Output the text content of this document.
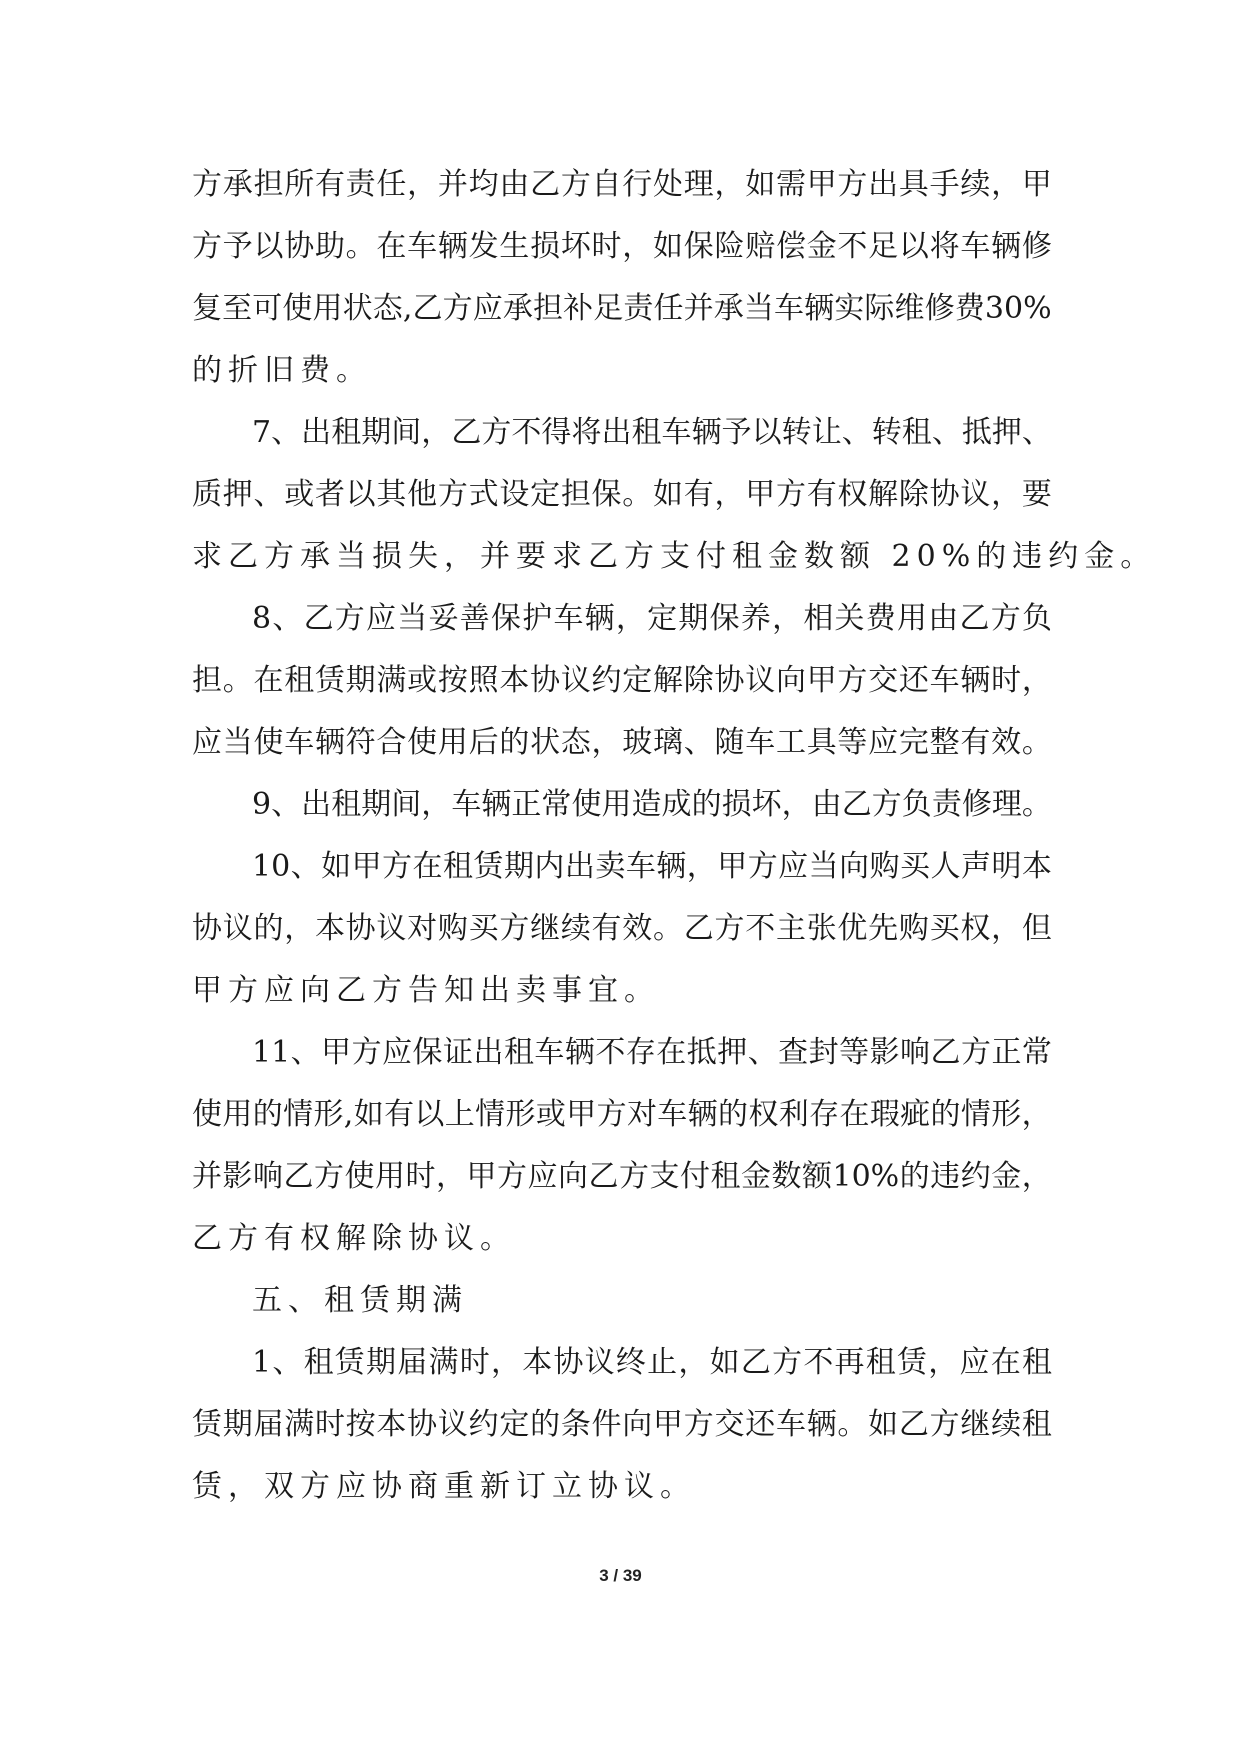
方 承 担 所 有 责 任 ， 并 均 由 乙 方 自 行 处 理 ， 如 需 甲 方 出 具 手 续 ， 甲
方 予 以 协 助 。 在 车 辆 发 生 损 坏 时 ， 如 保 险 赔 偿 金 不 足 以 将 车 辆 修
复 至 可 使 用 状 态 , 乙 方 应 承 担 补 足 责 任 并 承 当 车 辆 实 际 维 修 费 30%
的折旧费。
7 、 出 租 期 间 ， 乙 方 不 得 将 出 租 车 辆 予 以 转 让 、 转 租 、 抵 押 、
质 押 、 或 者 以 其 他 方 式 设 定 担 保 。 如 有 ， 甲 方 有 权 解 除 协 议 ， 要
求乙方承当损失，并要求乙方支付租金数额 20%的违约金。
8 、 乙 方 应 当 妥 善 保 护 车 辆 ， 定 期 保 养 ， 相 关 费 用 由 乙 方 负
担 。 在 租 赁 期 满 或 按 照 本 协 议 约 定 解 除 协 议 向 甲 方 交 还 车 辆 时 ，
应 当 使 车 辆 符 合 使 用 后 的 状 态 ， 玻 璃 、 随 车 工 具 等 应 完 整 有 效 。
9 、 出 租 期 间 ， 车 辆 正 常 使 用 造 成 的 损 坏 ， 由 乙 方 负 责 修 理 。
10 、 如 甲 方 在 租 赁 期 内 出 卖 车 辆 ， 甲 方 应 当 向 购 买 人 声 明 本
协 议 的 ， 本 协 议 对 购 买 方 继 续 有 效 。 乙 方 不 主 张 优 先 购 买 权 ， 但
甲方应向乙方告知出卖事宜。
11 、 甲 方 应 保 证 出 租 车 辆 不 存 在 抵 押 、 查 封 等 影 响 乙 方 正 常
使 用 的 情 形 , 如 有 以 上 情 形 或 甲 方 对 车 辆 的 权 利 存 在 瑕 疵 的 情 形 ，
并 影 响 乙 方 使 用 时 ， 甲 方 应 向 乙 方 支 付 租 金 数 额 10% 的 违 约 金 ，
乙方有权解除协议。
五、租赁期满
1 、 租 赁 期 届 满 时 ， 本 协 议 终 止 ， 如 乙 方 不 再 租 赁 ， 应 在 租
赁 期 届 满 时 按 本 协 议 约 定 的 条 件 向 甲 方 交 还 车 辆 。 如 乙 方 继 续 租
赁，双方应协商重新订立协议。
3 / 39
